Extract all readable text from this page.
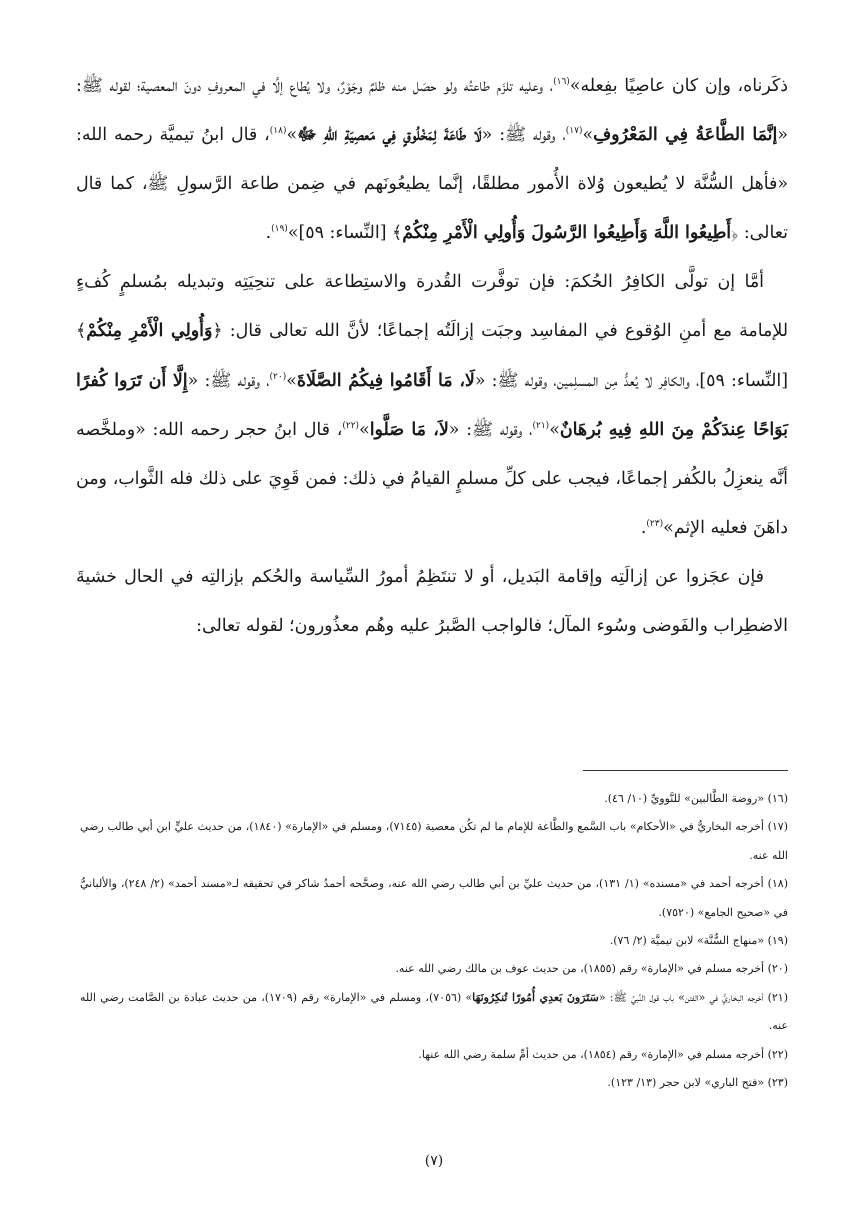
ذكَرناه، وإن كان عاصِيًا بفِعله»$^{(١٦)}$، وعليه تلزَم طاعتُه ولو حصَل منه ظلمٌ وجَوْرٌ، ولا يُطاع إلَّا في المعروفِ دونَ المعصية؛ لقوله ﷺ: «إنَّمَا الطَّاعَةُ فِي المَعْرُوفِ»$^{(١٧)}$، وقوله ﷺ: «لَا طَاعَةَ لِمَخْلُوقٍ فِي مَعصِيَةِ اللهِ ﷻ»$^{(١٨)}$، قال ابنُ تيميَّة رحمه الله: «فأهل السُّنَّة لا يُطيعون وُلاة الأُمور مطلقًا، إنَّما يطيعُونَهم في ضِمن طاعة الرَّسولِ ﷺ، كما قال تعالى: ﴿أَطِيعُوا اللَّهَ وَأَطِيعُوا الرَّسُولَ وَأُولِي الْأَمْرِ مِنْكُمْ﴾ [النِّساء: ٥٩]»$^{(١٩)}$.

أمَّا إن تولَّى الكافِرُ الحُكمَ: فإن توفَّرت القُدرة والاستِطاعة على تنحِيَتِه وتبديله بمُسلمٍ كُفءٍ للإمامة مع أمنِ الوُقوع في المفاسِد وجبَت إزالَتُه إجماعًا؛ لأنَّ الله تعالى قال: ﴿وَأُولِي الْأَمْرِ مِنْكُمْ﴾ [النِّساء: ٥٩]، والكافِر لا يُعدُّ مِن المسلِمين، وقوله ﷺ: «لَا، مَا أَقَامُوا فِيكُمُ الصَّلَاةَ»$^{(٢٠)}$، وقوله ﷺ: «إِلَّا أَن تَرَوا كُفرًا بَوَاحًا عِندَكُمْ مِنَ اللهِ فِيهِ بُرهَانٌ»$^{(٢١)}$، وقوله ﷺ: «لاَ، مَا صَلَّوا»$^{(٢٢)}$، قال ابنُ حجر رحمه الله: «وملخَّصه أنَّه ينعزِلُ بالكُفر إجماعًا، فيجب على كلِّ مسلمٍ القيامُ في ذلك: فمن قَوِيَ على ذلك فله الثَّواب، ومن داهَنَ فعليه الإثم»$^{(٢٣)}$.

فإن عجَزوا عن إزالَتِه وإقامة البَديل، أو لا تنتَظِمُ أمورُ السِّياسة والحُكم بإزالتِه في الحال خشيةَ الاضطِراب والفَوضى وسُوء المآل؛ فالواجب الصَّبرُ عليه وهُم معذُورون؛ لقوله تعالى:

(١٦) «روضة الطَّالبين» للنَّوويِّ (١٠/ ٤٦).

(١٧) أخرجه البخاريُّ في «الأحكام» باب السَّمع والطَّاعة للإمام ما لم تكُن معصية (٧١٤٥)، ومسلم في «الإمارة» (١٨٤٠)، من حديث عليٍّ ابن أبي طالب رضي الله عنه.

(١٨) أخرجه أحمد في «مسنده» (١/ ١٣١)، من حديث عليِّ بن أبي طالب رضي الله عنه، وصحَّحه أحمدُ شاكر في تحقيقه لـ«مسند أحمد» (٢/ ٢٤٨)، والألبانيُّ في «صحيح الجامع» (٧٥٢٠).

(١٩) «منهاج السُّنَّة» لابن تيميَّة (٢/ ٧٦).

(٢٠) أخرجه مسلم في «الإمارة» رقم (١٨٥٥)، من حديث عوف بن مالك رضي الله عنه.

(٢١) أخرجه البخاريُّ في «الفتن» باب قول النَّبيِّ ﷺ: «سَتَرَونَ بَعدِي أُمُورًا تُنكِرُونَهَا» (٧٠٥٦)، ومسلم في «الإمارة» رقم (١٧٠٩)، من حديث عبادة بن الصَّامت رضي الله عنه.

(٢٢) أخرجه مسلم في «الإمارة» رقم (١٨٥٤)، من حديث أمِّ سلمة رضي الله عنها.

(٢٣) «فتح الباري» لابن حجر (١٣/ ١٢٣).

(٧)
